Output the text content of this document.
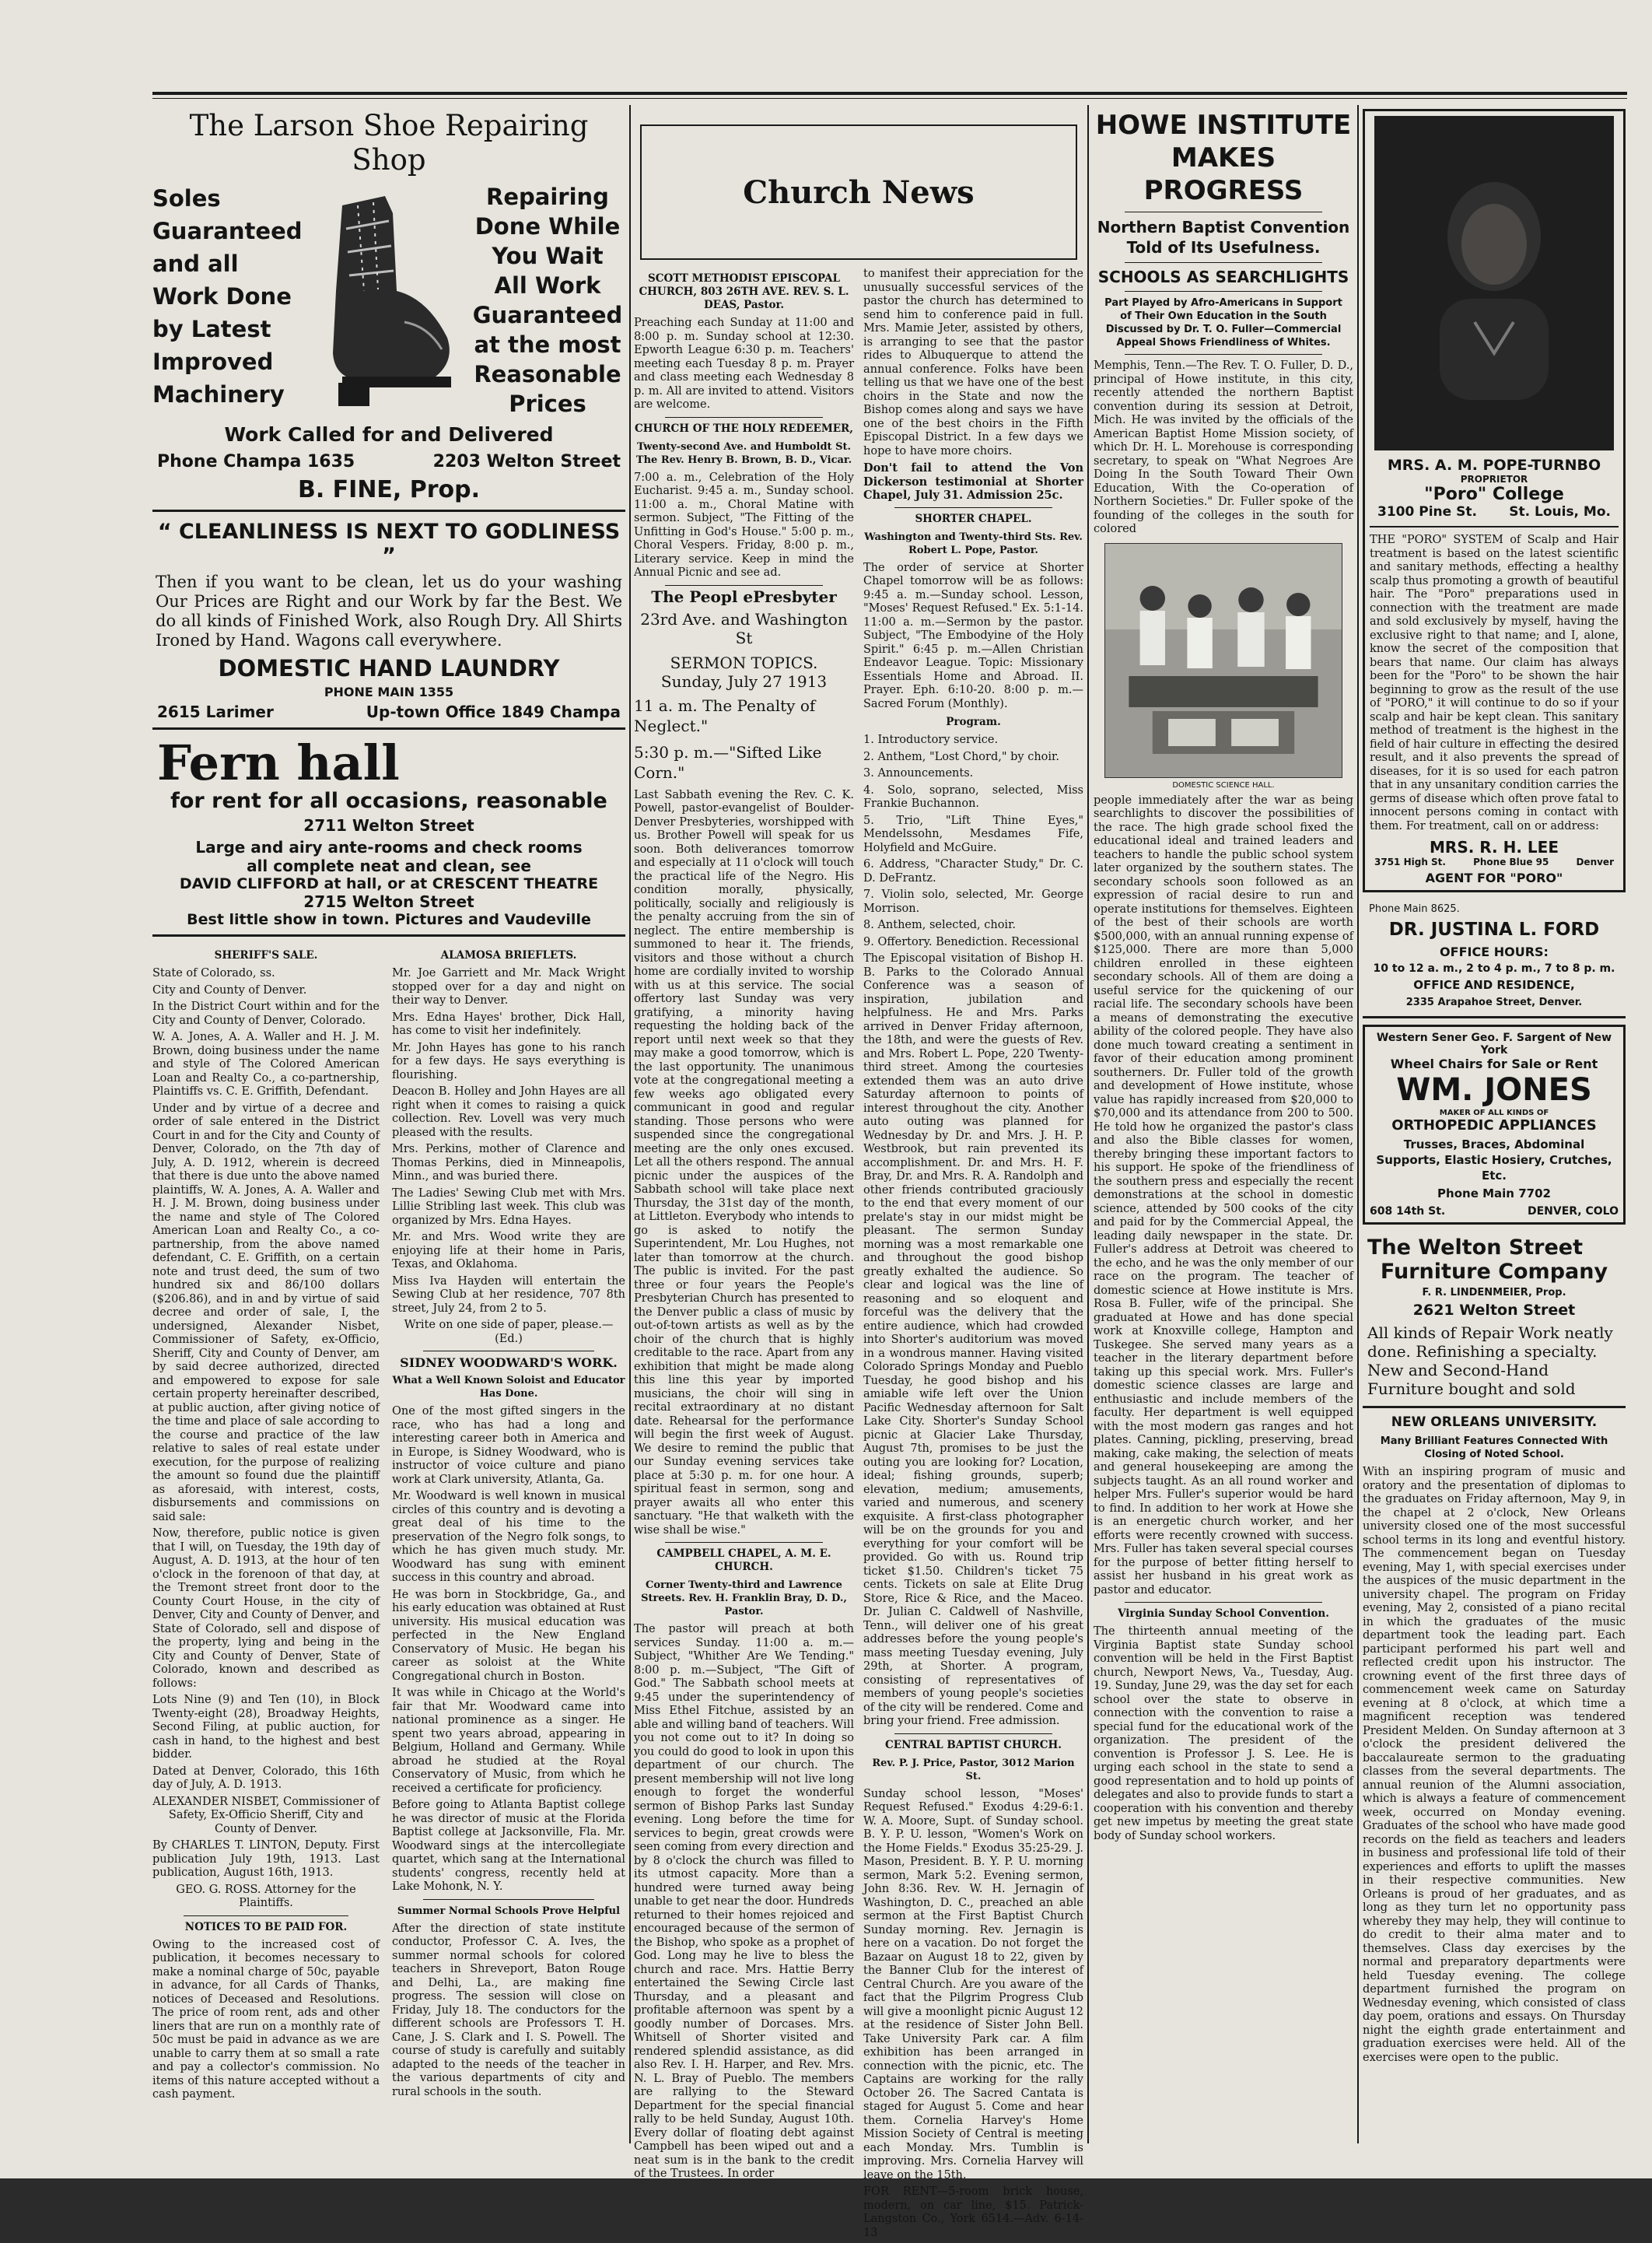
The Larson Shoe Repairing Shop
Soles
Guaranteed
and all
Work Done
by Latest
Improved
Machinery
Repairing
Done While
You Wait
All Work
Guaranteed
at the most
Reasonable
Prices
Work Called for and Delivered
Phone Champa 1635	2203 Welton Street
B. FINE, Prop.
“ CLEANLINESS IS NEXT TO GODLINESS ”
Then if you want to be clean, let us do your washing Our Prices are Right and our Work by far the Best. We do all kinds of Finished Work, also Rough Dry. All Shirts Ironed by Hand. Wagons call everywhere.
DOMESTIC HAND LAUNDRY
PHONE MAIN 1355
2615 Larimer	Up-town Office 1849 Champa
Fern hall
for rent for all occasions, reasonable
2711 Welton Street
Large and airy ante-rooms and check rooms
all complete neat and clean, see
DAVID CLIFFORD at hall, or at CRESCENT THEATRE
2715 Welton Street
Best little show in town. Pictures and Vaudeville
SHERIFF'S SALE.

State of Colorado, ss.

City and County of Denver.

In the District Court within and for the City and County of Denver, Colorado.

W. A. Jones, A. A. Waller and H. J. M. Brown, doing business under the name and style of The Colored American Loan and Realty Co., a co-partnership, Plaintiffs vs. C. E. Griffith, Defendant.

Under and by virtue of a decree and order of sale entered in the District Court in and for the City and County of Denver, Colorado, on the 7th day of July, A. D. 1912, wherein is decreed that there is due unto the above named plaintiffs, W. A. Jones, A. A. Waller and H. J. M. Brown, doing business under the name and style of The Colored American Loan and Realty Co., a co-partnership, from the above named defendant, C. E. Griffith, on a certain note and trust deed, the sum of two hundred six and 86/100 dollars ($206.86), and in and by virtue of said decree and order of sale, I, the undersigned, Alexander Nisbet, Commissioner of Safety, ex-Officio, Sheriff, City and County of Denver, am by said decree authorized, directed and empowered to expose for sale certain property hereinafter described, at public auction, after giving notice of the time and place of sale according to the course and practice of the law relative to sales of real estate under execution, for the purpose of realizing the amount so found due the plaintiff as aforesaid, with interest, costs, disbursements and commissions on said sale:

Now, therefore, public notice is given that I will, on Tuesday, the 19th day of August, A. D. 1913, at the hour of ten o'clock in the forenoon of that day, at the Tremont street front door to the County Court House, in the city of Denver, City and County of Denver, and State of Colorado, sell and dispose of the property, lying and being in the City and County of Denver, State of Colorado, known and described as follows:

Lots Nine (9) and Ten (10), in Block Twenty-eight (28), Broadway Heights, Second Filing, at public auction, for cash in hand, to the highest and best bidder.

Dated at Denver, Colorado, this 16th day of July, A. D. 1913.

ALEXANDER NISBET, Commissioner of Safety, Ex-Officio Sheriff, City and County of Denver.

By CHARLES T. LINTON, Deputy. First publication July 19th, 1913. Last publication, August 16th, 1913.

GEO. G. ROSS. Attorney for the Plaintiffs.

NOTICES TO BE PAID FOR.

Owing to the increased cost of publication, it becomes necessary to make a nominal charge of 50c, payable in advance, for all Cards of Thanks, notices of Deceased and Resolutions. The price of room rent, ads and other liners that are run on a monthly rate of 50c must be paid in advance as we are unable to carry them at so small a rate and pay a collector's commission. No items of this nature accepted without a cash payment.

ALAMOSA BRIEFLETS.

Mr. Joe Garriett and Mr. Mack Wright stopped over for a day and night on their way to Denver.

Mrs. Edna Hayes' brother, Dick Hall, has come to visit her indefinitely.

Mr. John Hayes has gone to his ranch for a few days. He says everything is flourishing.

Deacon B. Holley and John Hayes are all right when it comes to raising a quick collection. Rev. Lovell was very much pleased with the results.

Mrs. Perkins, mother of Clarence and Thomas Perkins, died in Minneapolis, Minn., and was buried there.

The Ladies' Sewing Club met with Mrs. Lillie Stribling last week. This club was organized by Mrs. Edna Hayes.

Mr. and Mrs. Wood write they are enjoying life at their home in Paris, Texas, and Oklahoma.

Miss Iva Hayden will entertain the Sewing Club at her residence, 707 8th street, July 24, from 2 to 5.

Write on one side of paper, please.—(Ed.)

SIDNEY WOODWARD'S WORK.
What a Well Known Soloist and Educator Has Done.

One of the most gifted singers in the race, who has had a long and interesting career both in America and in Europe, is Sidney Woodward, who is instructor of voice culture and piano work at Clark university, Atlanta, Ga.

Mr. Woodward is well known in musical circles of this country and is devoting a great deal of his time to the preservation of the Negro folk songs, to which he has given much study. Mr. Woodward has sung with eminent success in this country and abroad.

He was born in Stockbridge, Ga., and his early education was obtained at Rust university. His musical education was perfected in the New England Conservatory of Music. He began his career as soloist at the White Congregational church in Boston.

It was while in Chicago at the World's fair that Mr. Woodward came into national prominence as a singer. He spent two years abroad, appearing in Belgium, Holland and Germany. While abroad he studied at the Royal Conservatory of Music, from which he received a certificate for proficiency.

Before going to Atlanta Baptist college he was director of music at the Florida Baptist college at Jacksonville, Fla. Mr. Woodward sings at the intercollegiate quartet, which sang at the International students' congress, recently held at Lake Mohonk, N. Y.

Summer Normal Schools Prove Helpful

After the direction of state institute conductor, Professor C. A. Ives, the summer normal schools for colored teachers in Shreveport, Baton Rouge and Delhi, La., are making fine progress. The session will close on Friday, July 18. The conductors for the different schools are Professors T. H. Cane, J. S. Clark and I. S. Powell. The course of study is carefully and suitably adapted to the needs of the teacher in the various departments of city and rural schools in the south.

Church News
SCOTT METHODIST EPISCOPAL CHURCH, 803 26TH AVE. REV. S. L. DEAS, Pastor.

Preaching each Sunday at 11:00 and 8:00 p. m. Sunday school at 12:30. Epworth League 6:30 p. m. Teachers' meeting each Tuesday 8 p. m. Prayer and class meeting each Wednesday 8 p. m. All are invited to attend. Visitors are welcome.

CHURCH OF THE HOLY REDEEMER,
Twenty-second Ave. and Humboldt St. The Rev. Henry B. Brown, B. D., Vicar.

7:00 a. m., Celebration of the Holy Eucharist. 9:45 a. m., Sunday school. 11:00 a. m., Choral Matine with sermon. Subject, "The Fitting of the Unfitting in God's House." 5:00 p. m., Choral Vespers. Friday, 8:00 p. m., Literary service. Keep in mind the Annual Picnic and see ad.

The Peopl ePresbyter
23rd Ave. and Washington St
SERMON TOPICS.
Sunday, July 27 1913
11 a. m. The Penalty of Neglect."
5:30 p. m.—"Sifted Like Corn."

Last Sabbath evening the Rev. C. K. Powell, pastor-evangelist of Boulder-Denver Presbyteries, worshipped with us. Brother Powell will speak for us soon. Both deliverances tomorrow and especially at 11 o'clock will touch the practical life of the Negro. His condition morally, physically, politically, socially and religiously is the penalty accruing from the sin of neglect. The entire membership is summoned to hear it. The friends, visitors and those without a church home are cordially invited to worship with us at this service. The social offertory last Sunday was very gratifying, a minority having requesting the holding back of the report until next week so that they may make a good tomorrow, which is the last opportunity. The unanimous vote at the congregational meeting a few weeks ago obligated every communicant in good and regular standing. Those persons who were suspended since the congregational meeting are the only ones excused. Let all the others respond. The annual picnic under the auspices of the Sabbath school will take place next Thursday, the 31st day of the month, at Littleton. Everybody who intends to go is asked to notify the Superintendent, Mr. Lou Hughes, not later than tomorrow at the church. The public is invited. For the past three or four years the People's Presbyterian Church has presented to the Denver public a class of music by out-of-town artists as well as by the choir of the church that is highly creditable to the race. Apart from any exhibition that might be made along this line this year by imported musicians, the choir will sing in recital extraordinary at no distant date. Rehearsal for the performance will begin the first week of August. We desire to remind the public that our Sunday evening services take place at 5:30 p. m. for one hour. A spiritual feast in sermon, song and prayer awaits all who enter this sanctuary. "He that walketh with the wise shall be wise."

CAMPBELL CHAPEL, A. M. E. CHURCH.
Corner Twenty-third and Lawrence Streets. Rev. H. Franklin Bray, D. D., Pastor.

The pastor will preach at both services Sunday. 11:00 a. m.—Subject, "Whither Are We Tending." 8:00 p. m.—Subject, "The Gift of God." The Sabbath school meets at 9:45 under the superintendency of Miss Ethel Fitchue, assisted by an able and willing band of teachers. Will you not come out to it? In doing so you could do good to look in upon this department of our church. The present membership will not live long enough to forget the wonderful sermon of Bishop Parks last Sunday evening. Long before the time for services to begin, great crowds were seen coming from every direction and by 8 o'clock the church was filled to its utmost capacity. More than a hundred were turned away being unable to get near the door. Hundreds returned to their homes rejoiced and encouraged because of the sermon of the Bishop, who spoke as a prophet of God. Long may he live to bless the church and race. Mrs. Hattie Berry entertained the Sewing Circle last Thursday, and a pleasant and profitable afternoon was spent by a goodly number of Dorcases. Mrs. Whitsell of Shorter visited and rendered splendid assistance, as did also Rev. I. H. Harper, and Rev. Mrs. N. L. Bray of Pueblo. The members are rallying to the Steward Department for the special financial rally to be held Sunday, August 10th. Every dollar of floating debt against Campbell has been wiped out and a neat sum is in the bank to the credit of the Trustees. In order

to manifest their appreciation for the unusually successful services of the pastor the church has determined to send him to conference paid in full. Mrs. Mamie Jeter, assisted by others, is arranging to see that the pastor rides to Albuquerque to attend the annual conference. Folks have been telling us that we have one of the best choirs in the State and now the Bishop comes along and says we have one of the best choirs in the Fifth Episcopal District. In a few days we hope to have more choirs.

Don't fail to attend the Von Dickerson testimonial at Shorter Chapel, July 31. Admission 25c.

SHORTER CHAPEL.
Washington and Twenty-third Sts. Rev. Robert L. Pope, Pastor.

The order of service at Shorter Chapel tomorrow will be as follows: 9:45 a. m.—Sunday school. Lesson, "Moses' Request Refused." Ex. 5:1-14. 11:00 a. m.—Sermon by the pastor. Subject, "The Embodyine of the Holy Spirit." 6:45 p. m.—Allen Christian Endeavor League. Topic: Missionary Essentials Home and Abroad. II. Prayer. Eph. 6:10-20. 8:00 p. m.—Sacred Forum (Monthly).

Program.

1. Introductory service.

2. Anthem, "Lost Chord," by choir.

3. Announcements.

4. Solo, soprano, selected, Miss Frankie Buchannon.

5. Trio, "Lift Thine Eyes," Mendelssohn, Mesdames Fife, Holyfield and McGuire.

6. Address, "Character Study," Dr. C. D. DeFrantz.

7. Violin solo, selected, Mr. George Morrison.

8. Anthem, selected, choir.

9. Offertory. Benediction. Recessional

The Episcopal visitation of Bishop H. B. Parks to the Colorado Annual Conference was a season of inspiration, jubilation and helpfulness. He and Mrs. Parks arrived in Denver Friday afternoon, the 18th, and were the guests of Rev. and Mrs. Robert L. Pope, 220 Twenty-third street. Among the courtesies extended them was an auto drive Saturday afternoon to points of interest throughout the city. Another auto outing was planned for Wednesday by Dr. and Mrs. J. H. P. Westbrook, but rain prevented its accomplishment. Dr. and Mrs. H. F. Bray, Dr. and Mrs. R. A. Randolph and other friends contributed graciously to the end that every moment of our prelate's stay in our midst might be pleasant. The sermon Sunday morning was a most remarkable one and throughout the good bishop greatly exhalted the audience. So clear and logical was the line of reasoning and so eloquent and forceful was the delivery that the entire audience, which had crowded into Shorter's auditorium was moved in a wondrous manner. Having visited Colorado Springs Monday and Pueblo Tuesday, he good bishop and his amiable wife left over the Union Pacific Wednesday afternoon for Salt Lake City. Shorter's Sunday School picnic at Glacier Lake Thursday, August 7th, promises to be just the outing you are looking for? Location, ideal; fishing grounds, superb; elevation, medium; amusements, varied and numerous, and scenery exquisite. A first-class photographer will be on the grounds for you and everything for your comfort will be provided. Go with us. Round trip ticket $1.50. Children's ticket 75 cents. Tickets on sale at Elite Drug Store, Rice & Rice, and the Maceo. Dr. Julian C. Caldwell of Nashville, Tenn., will deliver one of his great addresses before the young people's mass meeting Tuesday evening, July 29th, at Shorter. A program, consisting of representatives of members of young people's societies of the city will be rendered. Come and bring your friend. Free admission.

CENTRAL BAPTIST CHURCH.
Rev. P. J. Price, Pastor, 3012 Marion St.

Sunday school lesson, "Moses' Request Refused." Exodus 4:29-6:1. W. A. Moore, Supt. of Sunday school. B. Y. P. U. lesson, "Women's Work on the Home Fields." Exodus 35:25-29. J. Mason, President. B. Y. P. U. morning sermon, Mark 5:2. Evening sermon, John 8:36. Rev. W. H. Jernagin of Washington, D. C., preached an able sermon at the First Baptist Church Sunday morning. Rev. Jernagin is here on a vacation. Do not forget the Bazaar on August 18 to 22, given by the Banner Club for the interest of Central Church. Are you aware of the fact that the Pilgrim Progress Club will give a moonlight picnic August 12 at the residence of Sister John Bell. Take University Park car. A film exhibition has been arranged in connection with the picnic, etc. The Captains are working for the rally October 26. The Sacred Cantata is staged for August 5. Come and hear them. Cornelia Harvey's Home Mission Society of Central is meeting each Monday. Mrs. Tumblin is improving. Mrs. Cornelia Harvey will leave on the 15th.

FOR RENT—5-room brick house, modern, on car line, $15. Patrick-Langston Co., York 6514.—Adv. 6-14-13

HOWE INSTITUTE
MAKES PROGRESS
Northern Baptist Convention Told of Its Usefulness.
SCHOOLS AS SEARCHLIGHTS
Part Played by Afro-Americans in Support of Their Own Education in the South Discussed by Dr. T. O. Fuller—Commercial Appeal Shows Friendliness of Whites.

Memphis, Tenn.—The Rev. T. O. Fuller, D. D., principal of Howe institute, in this city, recently attended the northern Baptist convention during its session at Detroit, Mich. He was invited by the officials of the American Baptist Home Mission society, of which Dr. H. L. Morehouse is corresponding secretary, to speak on "What Negroes Are Doing In the South Toward Their Own Education, With the Co-operation of Northern Societies." Dr. Fuller spoke of the founding of the colleges in the south for colored

DOMESTIC SCIENCE HALL.

people immediately after the war as being searchlights to discover the possibilities of the race. The high grade school fixed the educational ideal and trained leaders and teachers to handle the public school system later organized by the southern states. The secondary schools soon followed as an expression of racial desire to run and operate institutions for themselves. Eighteen of the best of their schools are worth $500,000, with an annual running expense of $125,000. There are more than 5,000 children enrolled in these eighteen secondary schools. All of them are doing a useful service for the quickening of our racial life. The secondary schools have been a means of demonstrating the executive ability of the colored people. They have also done much toward creating a sentiment in favor of their education among prominent southerners. Dr. Fuller told of the growth and development of Howe institute, whose value has rapidly increased from $20,000 to $70,000 and its attendance from 200 to 500. He told how he organized the pastor's class and also the Bible classes for women, thereby bringing these important factors to his support. He spoke of the friendliness of the southern press and especially the recent demonstrations at the school in domestic science, attended by 500 cooks of the city and paid for by the Commercial Appeal, the leading daily newspaper in the state. Dr. Fuller's address at Detroit was cheered to the echo, and he was the only member of our race on the program. The teacher of domestic science at Howe institute is Mrs. Rosa B. Fuller, wife of the principal. She graduated at Howe and has done special work at Knoxville college, Hampton and Tuskegee. She served many years as a teacher in the literary department before taking up this special work. Mrs. Fuller's domestic science classes are large and enthusiastic and include members of the faculty. Her department is well equipped with the most modern gas ranges and hot plates. Canning, pickling, preserving, bread making, cake making, the selection of meats and general housekeeping are among the subjects taught. As an all round worker and helper Mrs. Fuller's superior would be hard to find. In addition to her work at Howe she is an energetic church worker, and her efforts were recently crowned with success. Mrs. Fuller has taken several special courses for the purpose of better fitting herself to assist her husband in his great work as pastor and educator.

Virginia Sunday School Convention.

The thirteenth annual meeting of the Virginia Baptist state Sunday school convention will be held in the First Baptist church, Newport News, Va., Tuesday, Aug. 19. Sunday, June 29, was the day set for each school over the state to observe in connection with the convention to raise a special fund for the educational work of the organization. The president of the convention is Professor J. S. Lee. He is urging each school in the state to send a good representation and to hold up points of delegates and also to provide funds to start a cooperation with his convention and thereby get new impetus by meeting the great state body of Sunday school workers.

MRS. A. M. POPE-TURNBO
PROPRIETOR
"Poro" College
3100 Pine St. St. Louis, Mo.

THE "PORO" SYSTEM of Scalp and Hair treatment is based on the latest scientific and sanitary methods, effecting a healthy scalp thus promoting a growth of beautiful hair. The "Poro" preparations used in connection with the treatment are made and sold exclusively by myself, having the exclusive right to that name; and I, alone, know the secret of the composition that bears that name. Our claim has always been for the "Poro" to be shown the hair beginning to grow as the result of the use of "PORO," it will continue to do so if your scalp and hair be kept clean. This sanitary method of treatment is the highest in the field of hair culture in effecting the desired result, and it also prevents the spread of diseases, for it is so used for each patron that in any unsanitary condition carries the germs of disease which often prove fatal to innocent persons coming in contact with them. For treatment, call on or address:

MRS. R. H. LEE
3751 High St.	Phone Blue 95	Denver
AGENT FOR "PORO"
Phone Main 8625.
DR. JUSTINA L. FORD
OFFICE HOURS:
10 to 12 a. m., 2 to 4 p. m., 7 to 8 p. m.
OFFICE AND RESIDENCE,
2335 Arapahoe Street, Denver.
Western Sener Geo. F. Sargent of New York
Wheel Chairs for Sale or Rent
WM. JONES
MAKER OF ALL KINDS OF
ORTHOPEDIC APPLIANCES
Trusses, Braces, Abdominal Supports, Elastic Hosiery, Crutches, Etc.
Phone Main 7702
608 14th St.	DENVER, COLO
The Welton Street
Furniture Company
F. R. LINDENMEIER, Prop.
2621 Welton Street
All kinds of Repair Work neatly done. Refinishing a specialty. New and Second-Hand Furniture bought and sold
NEW ORLEANS UNIVERSITY.
Many Brilliant Features Connected With Closing of Noted School.

With an inspiring program of music and oratory and the presentation of diplomas to the graduates on Friday afternoon, May 9, in the chapel at 2 o'clock, New Orleans university closed one of the most successful school terms in its long and eventful history. The commencement began on Tuesday evening, May 1, with special exercises under the auspices of the music department in the university chapel. The program on Friday evening, May 2, consisted of a piano recital in which the graduates of the music department took the leading part. Each participant performed his part well and reflected credit upon his instructor. The crowning event of the first three days of commencement week came on Saturday evening at 8 o'clock, at which time a magnificent reception was tendered President Melden. On Sunday afternoon at 3 o'clock the president delivered the baccalaureate sermon to the graduating classes from the several departments. The annual reunion of the Alumni association, which is always a feature of commencement week, occurred on Monday evening. Graduates of the school who have made good records on the field as teachers and leaders in business and professional life told of their experiences and efforts to uplift the masses in their respective communities. New Orleans is proud of her graduates, and as long as they turn let no opportunity pass whereby they may help, they will continue to do credit to their alma mater and to themselves. Class day exercises by the normal and preparatory departments were held Tuesday evening. The college department furnished the program on Wednesday evening, which consisted of class day poem, orations and essays. On Thursday night the eighth grade entertainment and graduation exercises were held. All of the exercises were open to the public.
